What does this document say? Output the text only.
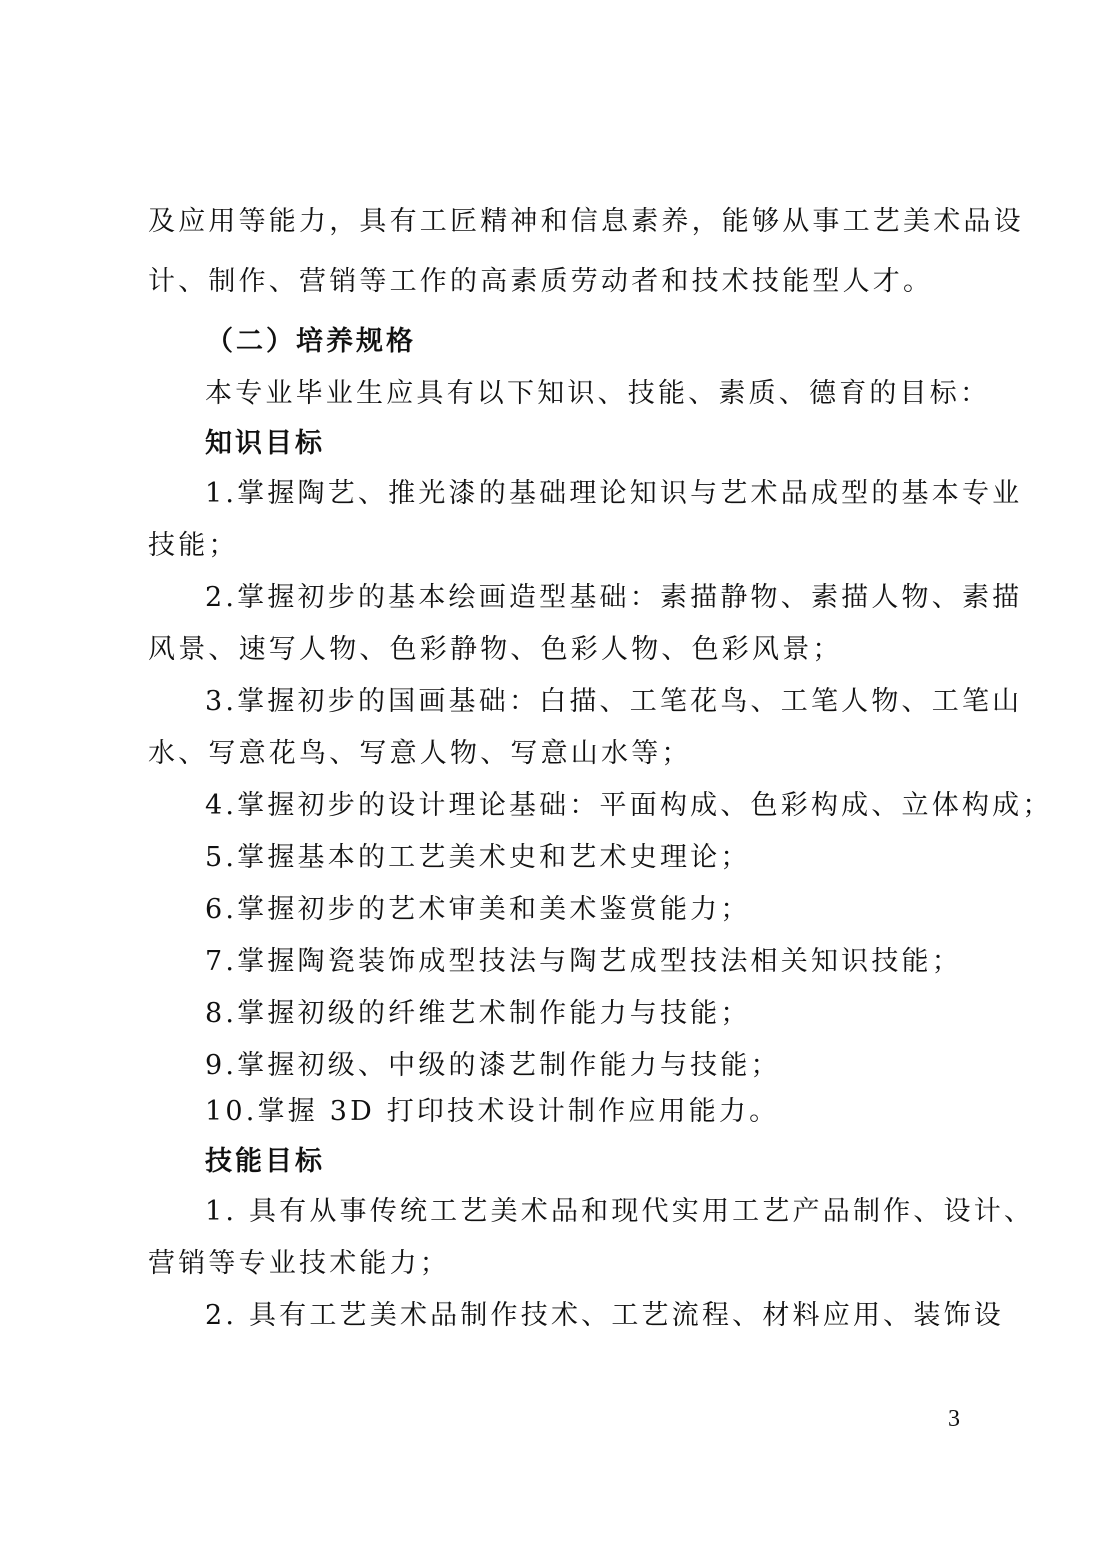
及应用等能力，具有工匠精神和信息素养，能够从事工艺美术品设
计、制作、营销等工作的高素质劳动者和技术技能型人才。
（二）培养规格
本专业毕业生应具有以下知识、技能、素质、德育的目标：
知识目标
1.掌握陶艺、推光漆的基础理论知识与艺术品成型的基本专业
技能；
2.掌握初步的基本绘画造型基础：素描静物、素描人物、素描
风景、速写人物、色彩静物、色彩人物、色彩风景；
3.掌握初步的国画基础：白描、工笔花鸟、工笔人物、工笔山
水、写意花鸟、写意人物、写意山水等；
4.掌握初步的设计理论基础：平面构成、色彩构成、立体构成；
5.掌握基本的工艺美术史和艺术史理论；
6.掌握初步的艺术审美和美术鉴赏能力；
7.掌握陶瓷装饰成型技法与陶艺成型技法相关知识技能；
8.掌握初级的纤维艺术制作能力与技能；
9.掌握初级、中级的漆艺制作能力与技能；
10.掌握 3D 打印技术设计制作应用能力。
技能目标
1. 具有从事传统工艺美术品和现代实用工艺产品制作、设计、
营销等专业技术能力；
2. 具有工艺美术品制作技术、工艺流程、材料应用、装饰设
3
